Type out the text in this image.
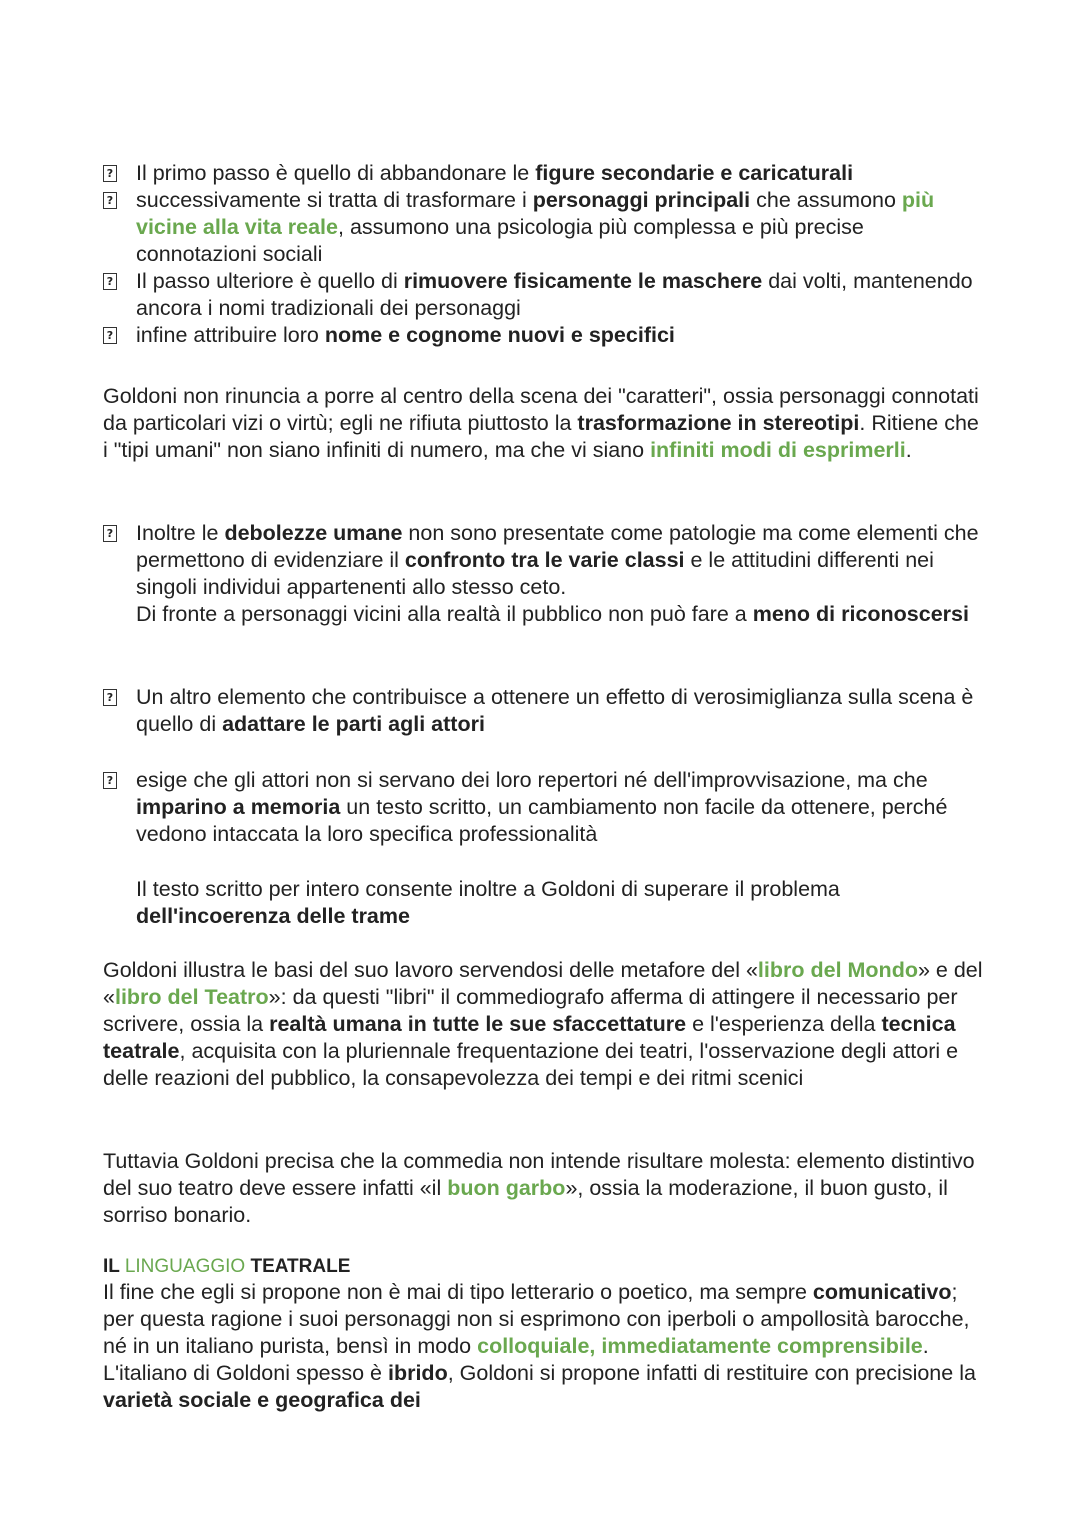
? Il primo passo è quello di abbandonare le figure secondarie e caricaturali
? successivamente si tratta di trasformare i personaggi principali che assumono più vicine alla vita reale, assumono una psicologia più complessa e più precise connotazioni sociali
? Il passo ulteriore è quello di rimuovere fisicamente le maschere dai volti, mantenendo ancora i nomi tradizionali dei personaggi
? infine attribuire loro nome e cognome nuovi e specifici
Goldoni non rinuncia a porre al centro della scena dei "caratteri", ossia personaggi connotati da particolari vizi o virtù; egli ne rifiuta piuttosto la trasformazione in stereotipi. Ritiene che i "tipi umani" non siano infiniti di numero, ma che vi siano infiniti modi di esprimerli.
? Inoltre le debolezze umane non sono presentate come patologie ma come elementi che permettono di evidenziare il confronto tra le varie classi e le attitudini differenti nei singoli individui appartenenti allo stesso ceto.
Di fronte a personaggi vicini alla realtà il pubblico non può fare a meno di riconoscersi
? Un altro elemento che contribuisce a ottenere un effetto di verosimiglianza sulla scena è quello di adattare le parti agli attori
? esige che gli attori non si servano dei loro repertori né dell'improvvisazione, ma che imparino a memoria un testo scritto, un cambiamento non facile da ottenere, perché vedono intaccata la loro specifica professionalità
Il testo scritto per intero consente inoltre a Goldoni di superare il problema dell'incoerenza delle trame
Goldoni illustra le basi del suo lavoro servendosi delle metafore del «libro del Mondo» e del «libro del Teatro»: da questi "libri" il commediografo afferma di attingere il necessario per scrivere, ossia la realtà umana in tutte le sue sfaccettature e l'esperienza della tecnica teatrale, acquisita con la pluriennale frequentazione dei teatri, l'osservazione degli attori e delle reazioni del pubblico, la consapevolezza dei tempi e dei ritmi scenici
Tuttavia Goldoni precisa che la commedia non intende risultare molesta: elemento distintivo del suo teatro deve essere infatti «il buon garbo», ossia la moderazione, il buon gusto, il sorriso bonario.
IL LINGUAGGIO TEATRALE
Il fine che egli si propone non è mai di tipo letterario o poetico, ma sempre comunicativo; per questa ragione i suoi personaggi non si esprimono con iperboli o ampollosità barocche, né in un italiano purista, bensì in modo colloquiale, immediatamente comprensibile. L'italiano di Goldoni spesso è ibrido, Goldoni si propone infatti di restituire con precisione la varietà sociale e geografica dei
